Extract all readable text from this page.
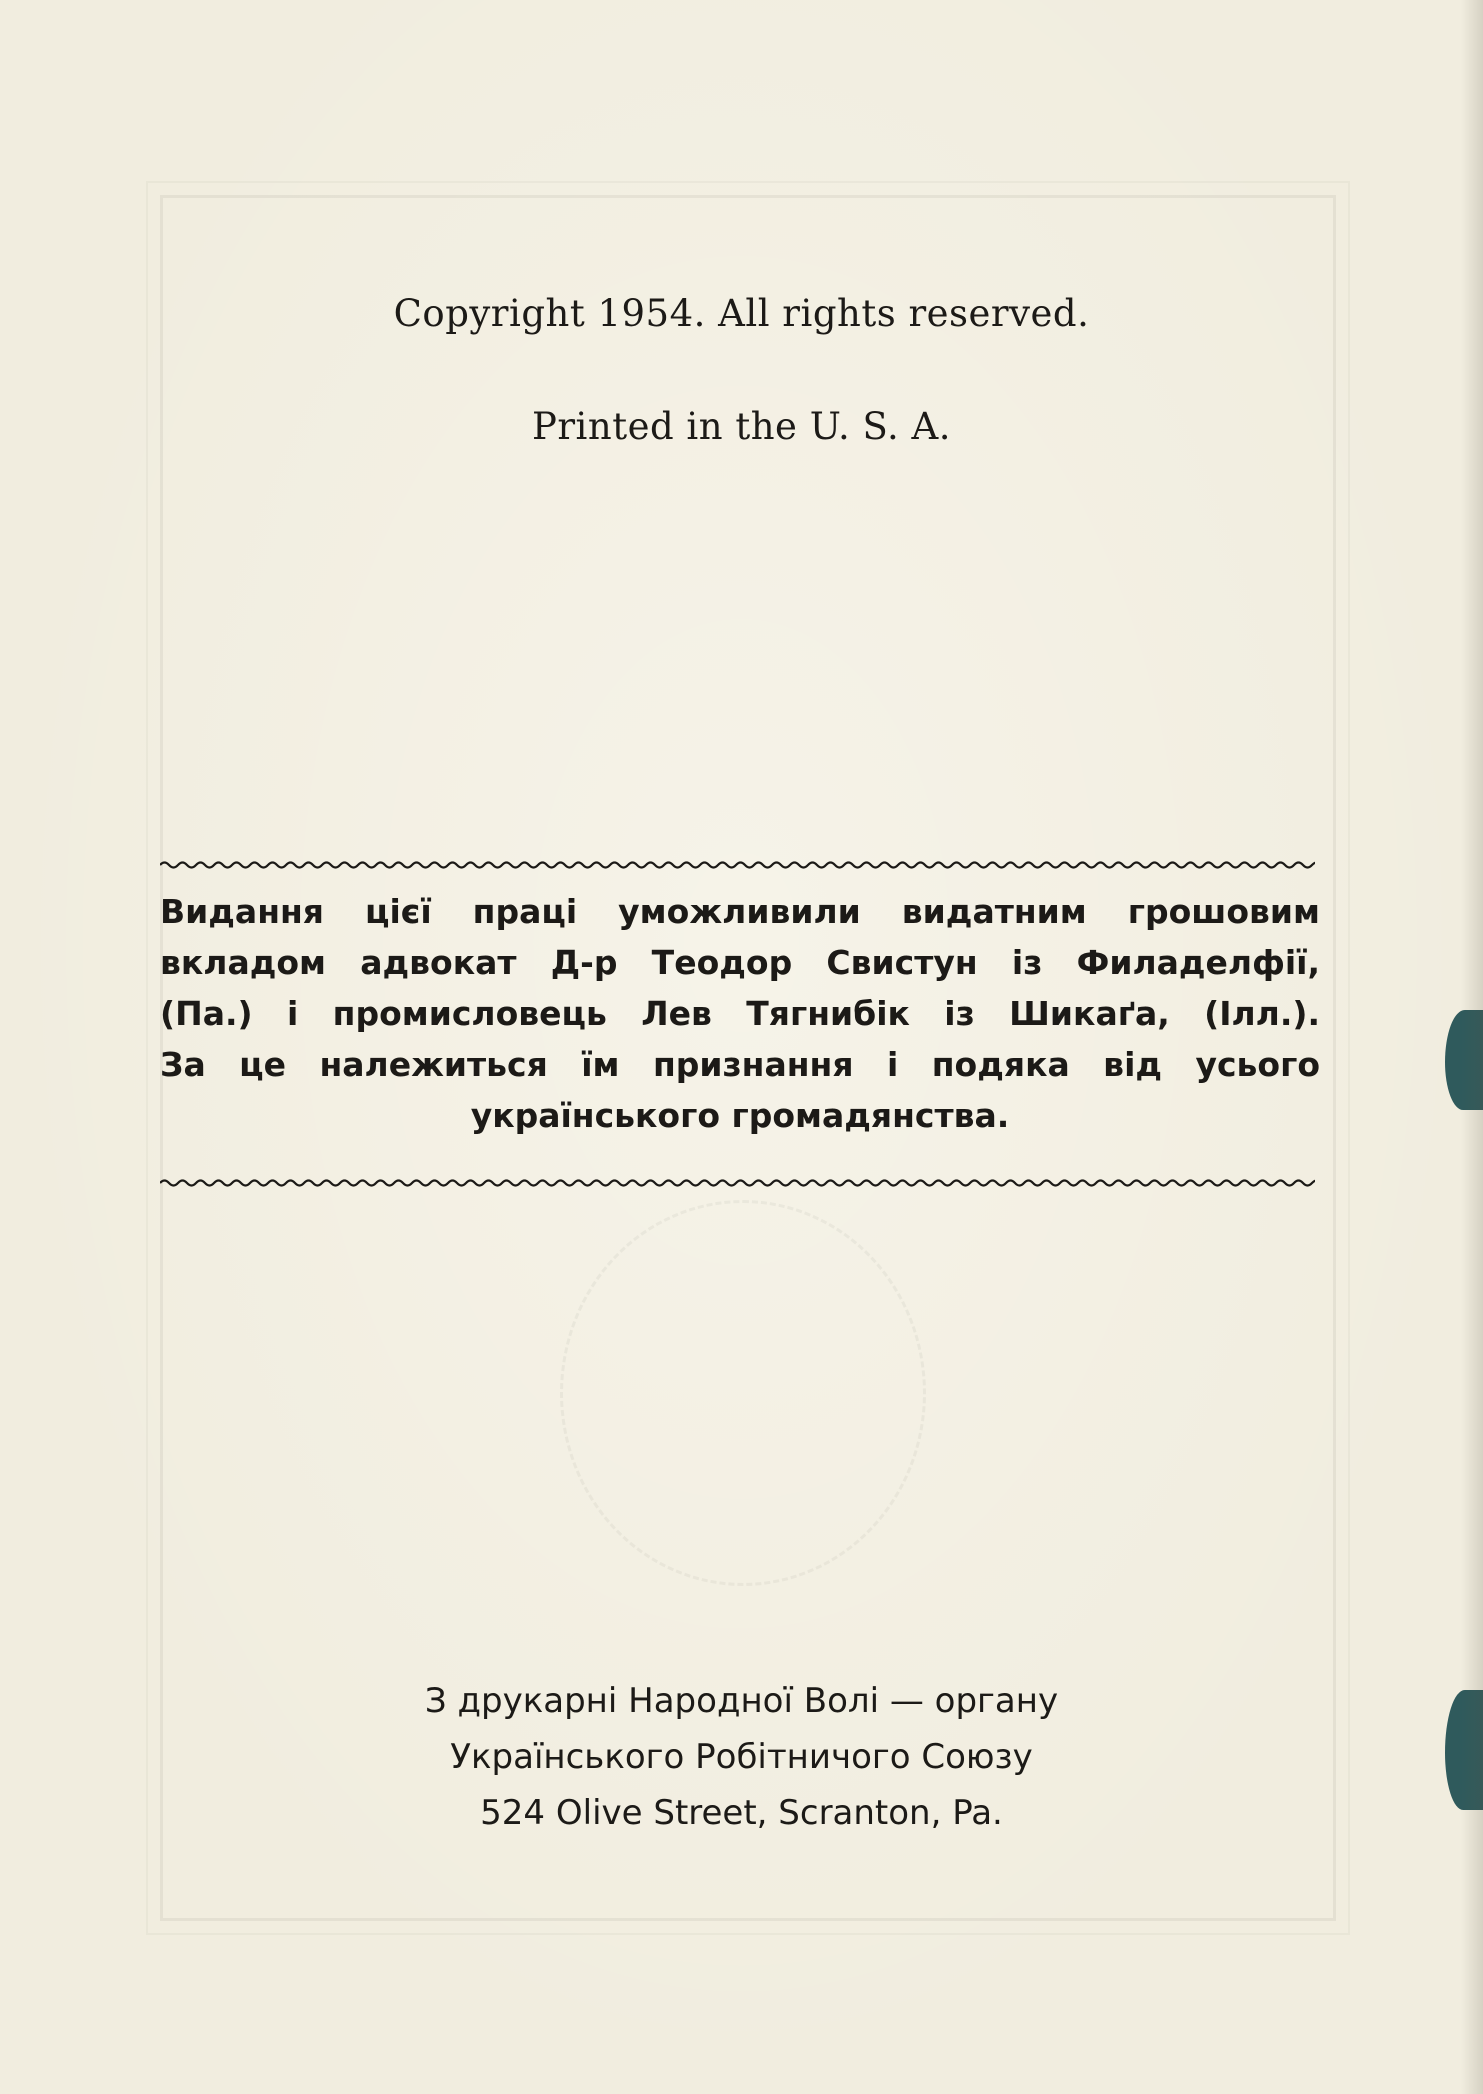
Copyright 1954. All rights reserved.
Printed in the U. S. A.
Видання цієї праці уможливили видатним грошовим
вкладом адвокат Д-р Теодор Свистун із Филаделфії,
(Па.) і промисловець Лев Тягнибік із Шикаґа, (Ілл.).
За це належиться їм признання і подяка від усього
українського громадянства.
З друкарні Народної Волі — органу
Українського Робітничого Союзу
524 Olive Street, Scranton, Pa.
